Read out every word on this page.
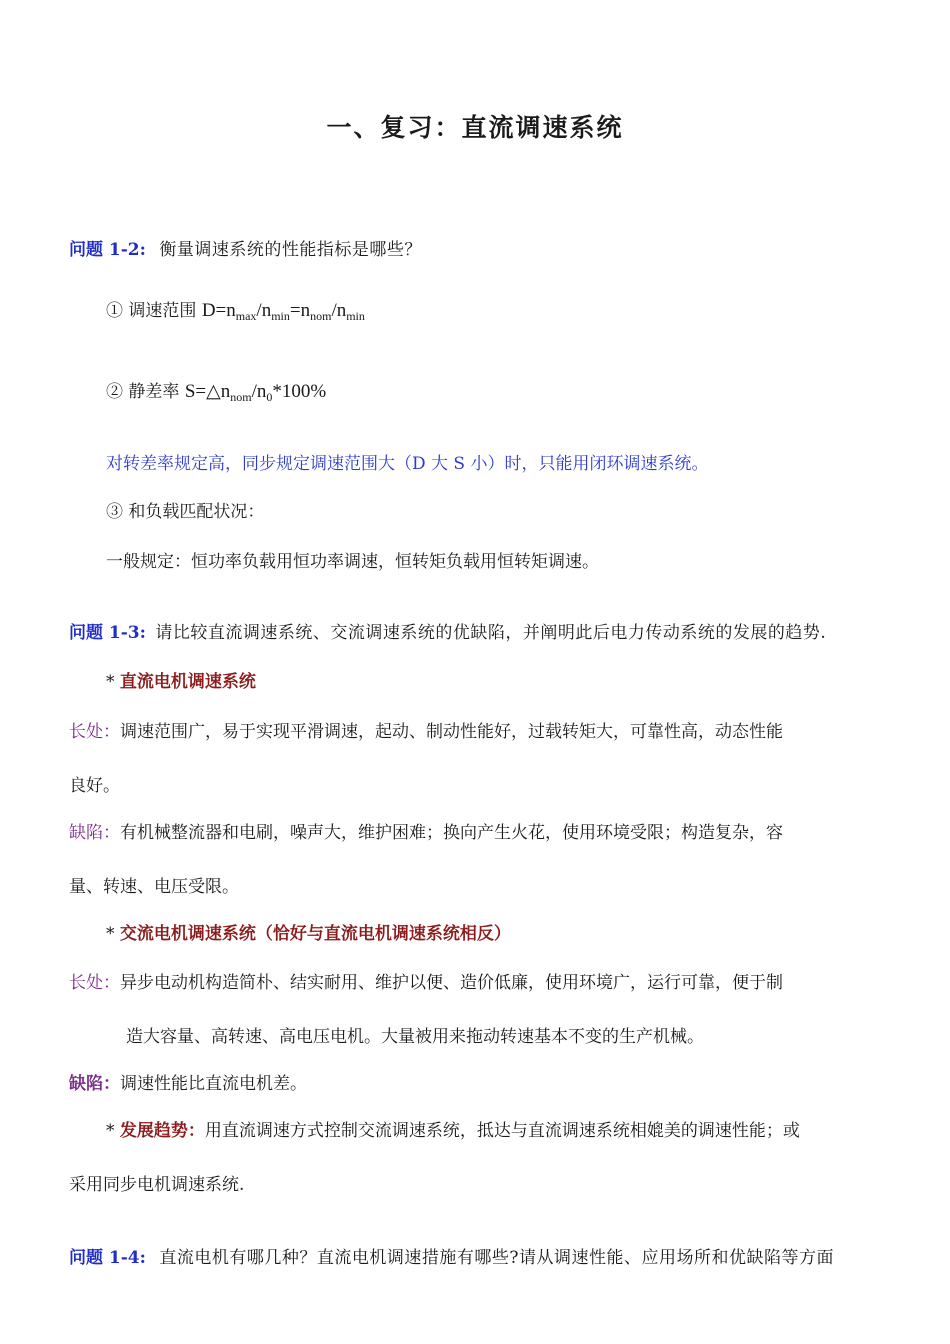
一、复习：直流调速系统
问题 1-2: 衡量调速系统的性能指标是哪些？
① 调速范围 $D=n_{max}/n_{min}=n_{nom}/n_{min}$
② 静差率 $S=\triangle n_{nom}/n_0*100\%$
对转差率规定高，同步规定调速范围大（D 大 S 小）时，只能用闭环调速系统。
③ 和负载匹配状况：
一般规定：恒功率负载用恒功率调速，恒转矩负载用恒转矩调速。
问题 1-3: 请比较直流调速系统、交流调速系统的优缺陷，并阐明此后电力传动系统的发展的趋势.
* 直流电机调速系统
长处：调速范围广，易于实现平滑调速，起动、制动性能好，过载转矩大，可靠性高，动态性能
良好。
缺陷：有机械整流器和电刷，噪声大，维护困难；换向产生火花，使用环境受限；构造复杂，容
量、转速、电压受限。
* 交流电机调速系统（恰好与直流电机调速系统相反）
长处：异步电动机构造简朴、结实耐用、维护以便、造价低廉，使用环境广，运行可靠，便于制
造大容量、高转速、高电压电机。大量被用来拖动转速基本不变的生产机械。
缺陷：调速性能比直流电机差。
* 发展趋势：用直流调速方式控制交流调速系统，抵达与直流调速系统相媲美的调速性能；或
采用同步电机调速系统.
问题 1-4: 直流电机有哪几种？直流电机调速措施有哪些?请从调速性能、应用场所和优缺陷等方面
